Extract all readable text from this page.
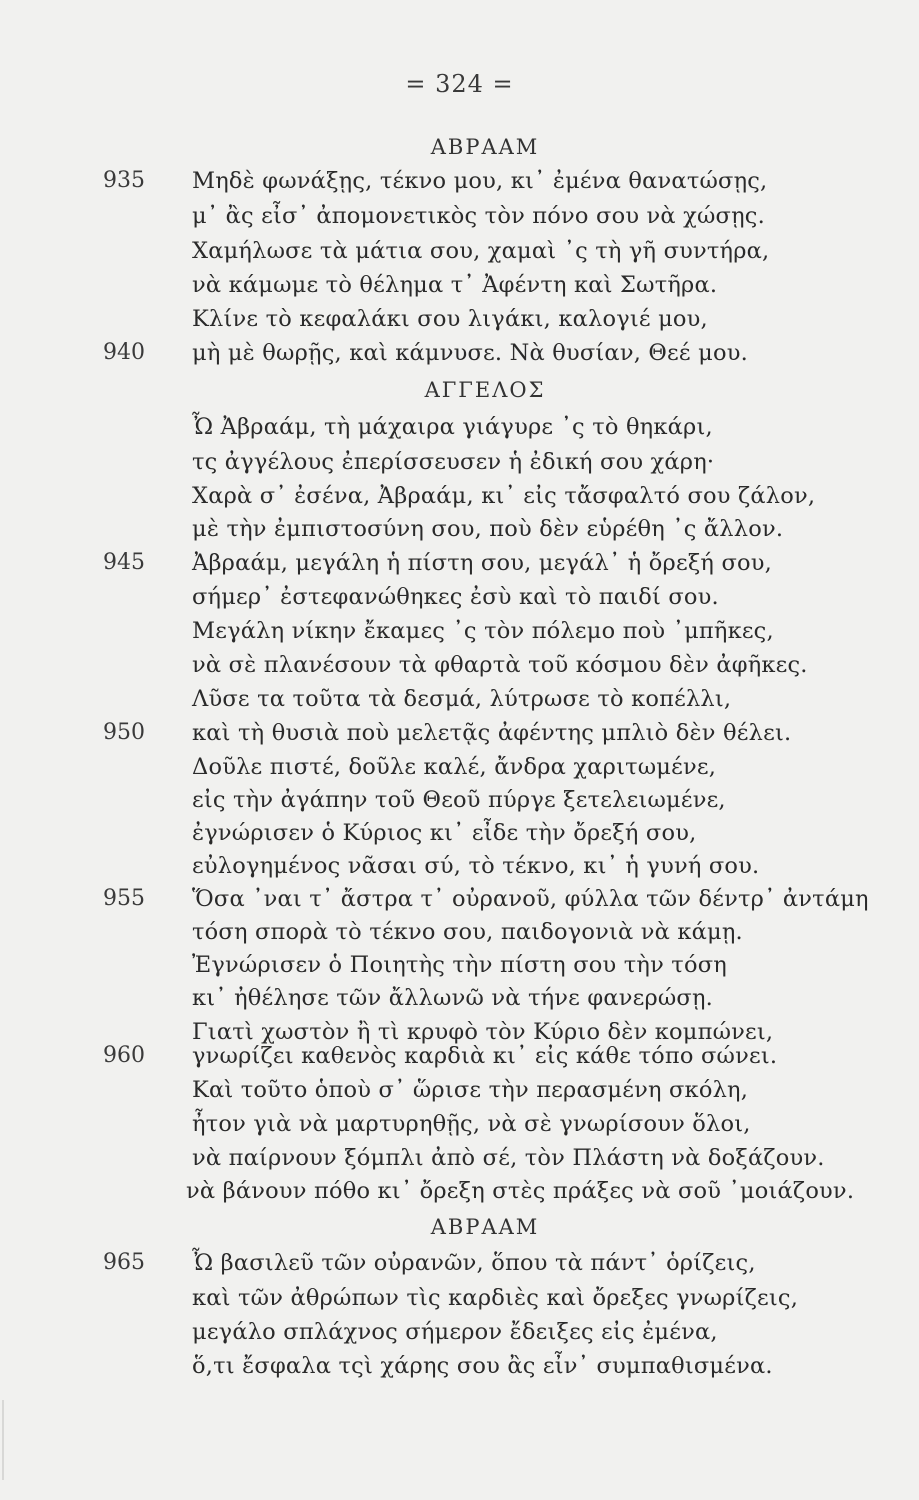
= 324 =
ΑΒΡΑΑΜ
935 Μηδὲ φωνάξῃς, τέκνο μου, κι᾽ ἐμένα θανατώσῃς,
μ᾽ ἂς εἶσ᾽ ἀπομονετικὸς τὸν πόνο σου νὰ χώσῃς.
Χαμήλωσε τὰ μάτια σου, χαμαὶ ᾽ς τὴ γῆ συντήρα,
νὰ κάμωμε τὸ θέλημα τ᾽ Ἀφέντη καὶ Σωτῆρα.
Κλίνε τὸ κεφαλάκι σου λιγάκι, καλογιέ μου,
940 μὴ μὲ θωρῇς, καὶ κάμνυσε. Νὰ θυσίαν, Θεέ μου.
ΑΓΓΕΛΟΣ
Ὦ Ἀβραάμ, τὴ μάχαιρα γιάγυρε ᾽ς τὸ θηκάρι,
τς ἀγγέλους ἐπερίσσευσεν ἡ ἐδική σου χάρη·
Χαρὰ σ᾽ ἐσένα, Ἀβραάμ, κι᾽ εἰς τἄσφαλτό σου ζάλον,
μὲ τὴν ἐμπιστοσύνη σου, ποὺ δὲν εὑρέθη ᾽ς ἄλλον.
945 Ἀβραάμ, μεγάλη ἡ πίστη σου, μεγάλ᾽ ἡ ὄρεξή σου,
σήμερ᾽ ἐστεφανώθηκες ἐσὺ καὶ τὸ παιδί σου.
Μεγάλη νίκην ἔκαμες ᾽ς τὸν πόλεμο ποὺ ᾽μπῆκες,
νὰ σὲ πλανέσουν τὰ φθαρτὰ τοῦ κόσμου δὲν ἀφῆκες.
Λῦσε τα τοῦτα τὰ δεσμά, λύτρωσε τὸ κοπέλλι,
950 καὶ τὴ θυσιὰ ποὺ μελετᾷς ἀφέντης μπλιὸ δὲν θέλει.
Δοῦλε πιστέ, δοῦλε καλέ, ἄνδρα χαριτωμένε,
εἰς τὴν ἀγάπην τοῦ Θεοῦ πύργε ξετελειωμένε,
ἐγνώρισεν ὁ Κύριος κι᾽ εἶδε τὴν ὄρεξή σου,
εὐλογημένος νᾶσαι σύ, τὸ τέκνο, κι᾽ ἡ γυνή σου.
955 Ὅσα ᾽ναι τ᾽ ἄστρα τ᾽ οὐρανοῦ, φύλλα τῶν δέντρ᾽ ἀντάμη
τόση σπορὰ τὸ τέκνο σου, παιδογονιὰ νὰ κάμῃ.
Ἐγνώρισεν ὁ Ποιητὴς τὴν πίστη σου τὴν τόση
κι᾽ ἠθέλησε τῶν ἄλλωνῶ νὰ τήνε φανερώσῃ.
Γιατὶ χωστὸν ἢ τὶ κρυφὸ τὸν Κύριο δὲν κομπώνει,
960 γνωρίζει καθενὸς καρδιὰ κι᾽ εἰς κάθε τόπο σώνει.
Καὶ τοῦτο ὁποὺ σ᾽ ὥρισε τὴν περασμένη σκόλη,
ἦτον γιὰ νὰ μαρτυρηθῇς, νὰ σὲ γνωρίσουν ὅλοι,
νὰ παίρνουν ξόμπλι ἀπὸ σέ, τὸν Πλάστη νὰ δοξάζουν.
νὰ βάνουν πόθο κι᾽ ὄρεξη στὲς πράξες νὰ σοῦ ᾽μοιάζουν.
ΑΒΡΑΑΜ
965 Ὦ βασιλεῦ τῶν οὐρανῶν, ὅπου τὰ πάντ᾽ ὁρίζεις,
καὶ τῶν ἀθρώπων τὶς καρδιὲς καὶ ὄρεξες γνωρίζεις,
μεγάλο σπλάχνος σήμερον ἔδειξες εἰς ἐμένα,
ὅ,τι ἔσφαλα τςὶ χάρης σου ἂς εἶν᾽ συμπαθισμένα.
